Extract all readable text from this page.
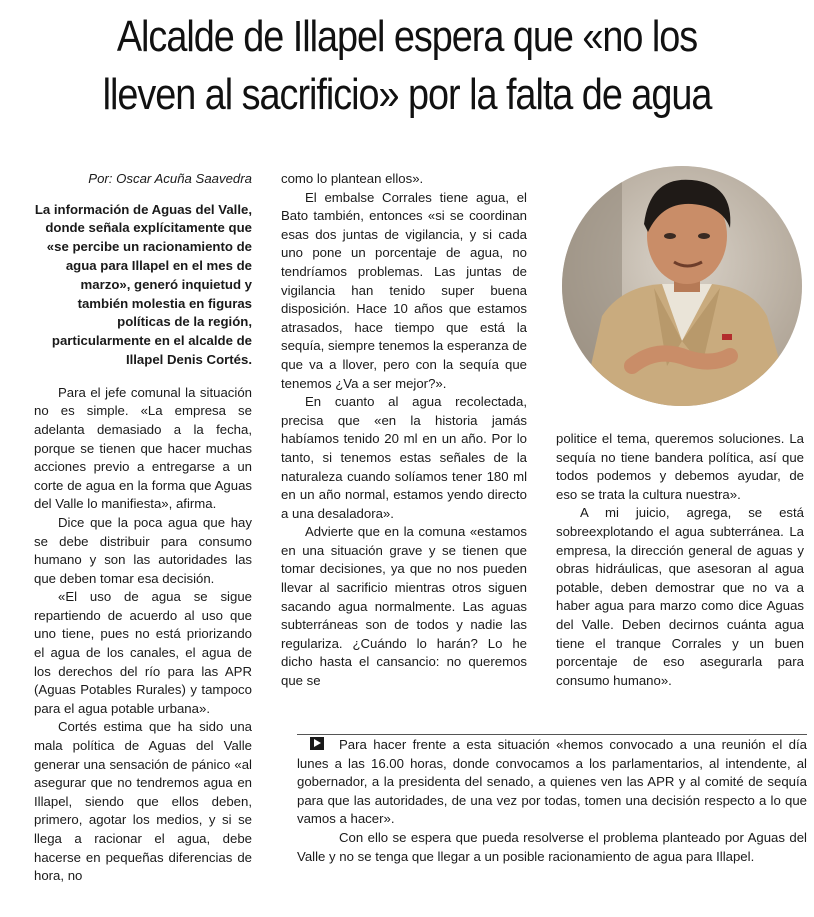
Alcalde de Illapel espera que «no los lleven al sacrificio» por la falta de agua

Por: Oscar Acuña Saavedra

La información de Aguas del Valle, donde señala explícitamente que «se percibe un racionamiento de agua para Illapel en el mes de marzo», generó inquietud y también molestia en figuras políticas de la región, particularmente en el alcalde de Illapel Denis Cortés.

Para el jefe comunal la situación no es simple. «La empresa se adelanta demasiado a la fecha, porque se tienen que hacer muchas acciones previo a entregarse a un corte de agua en la forma que Aguas del Valle lo manifiesta», afirma.

Dice que la poca agua que hay se debe distribuir para consumo humano y son las autoridades las que deben tomar esa decisión.

«El uso de agua se sigue repartiendo de acuerdo al uso que uno tiene, pues no está priorizando el agua de los canales, el agua de los derechos del río para las APR (Aguas Potables Rurales) y tampoco para el agua potable urbana».

Cortés estima que ha sido una mala política de Aguas del Valle generar una sensación de pánico «al asegurar que no tendremos agua en Illapel, siendo que ellos deben, primero, agotar los medios, y si se llega a racionar el agua, debe hacerse en pequeñas diferencias de hora, no

como lo plantean ellos».

El embalse Corrales tiene agua, el Bato también, entonces «si se coordinan esas dos juntas de vigilancia, y si cada uno pone un porcentaje de agua, no tendríamos problemas. Las juntas de vigilancia han tenido super buena disposición. Hace 10 años que estamos atrasados, hace tiempo que está la sequía, siempre tenemos la esperanza de que va a llover, pero con la sequía que tenemos ¿Va a ser mejor?».

En cuanto al agua recolectada, precisa que «en la historia jamás habíamos tenido 20 ml en un año. Por lo tanto, si tenemos estas señales de la naturaleza cuando solíamos tener 180 ml en un año normal, estamos yendo directo a una desaladora».

Advierte que en la comuna «estamos en una situación grave y se tienen que tomar decisiones, ya que no nos pueden llevar al sacrificio mientras otros siguen sacando agua normalmente. Las aguas subterráneas son de todos y nadie las regulariza. ¿Cuándo lo harán? Lo he dicho hasta el cansancio: no queremos que se

politice el tema, queremos soluciones. La sequía no tiene bandera política, así que todos podemos y debemos ayudar, de eso se trata la cultura nuestra».

A mi juicio, agrega, se está sobreexplotando el agua subterránea. La empresa, la dirección general de aguas y obras hidráulicas, que asesoran al agua potable, deben demostrar que no va a haber agua para marzo como dice Aguas del Valle. Deben decirnos cuánta agua tiene el tranque Corrales y un buen porcentaje de eso asegurarla para consumo humano».

Para hacer frente a esta situación «hemos convocado a una reunión el día lunes a las 16.00 horas, donde convocamos a los parlamentarios, al intendente, al gobernador, a la presidenta del senado, a quienes ven las APR y al comité de sequía para que las autoridades, de una vez por todas, tomen una decisión respecto a lo que vamos a hacer».

Con ello se espera que pueda resolverse el problema planteado por Aguas del Valle y no se tenga que llegar a un posible racionamiento de agua para Illapel.
